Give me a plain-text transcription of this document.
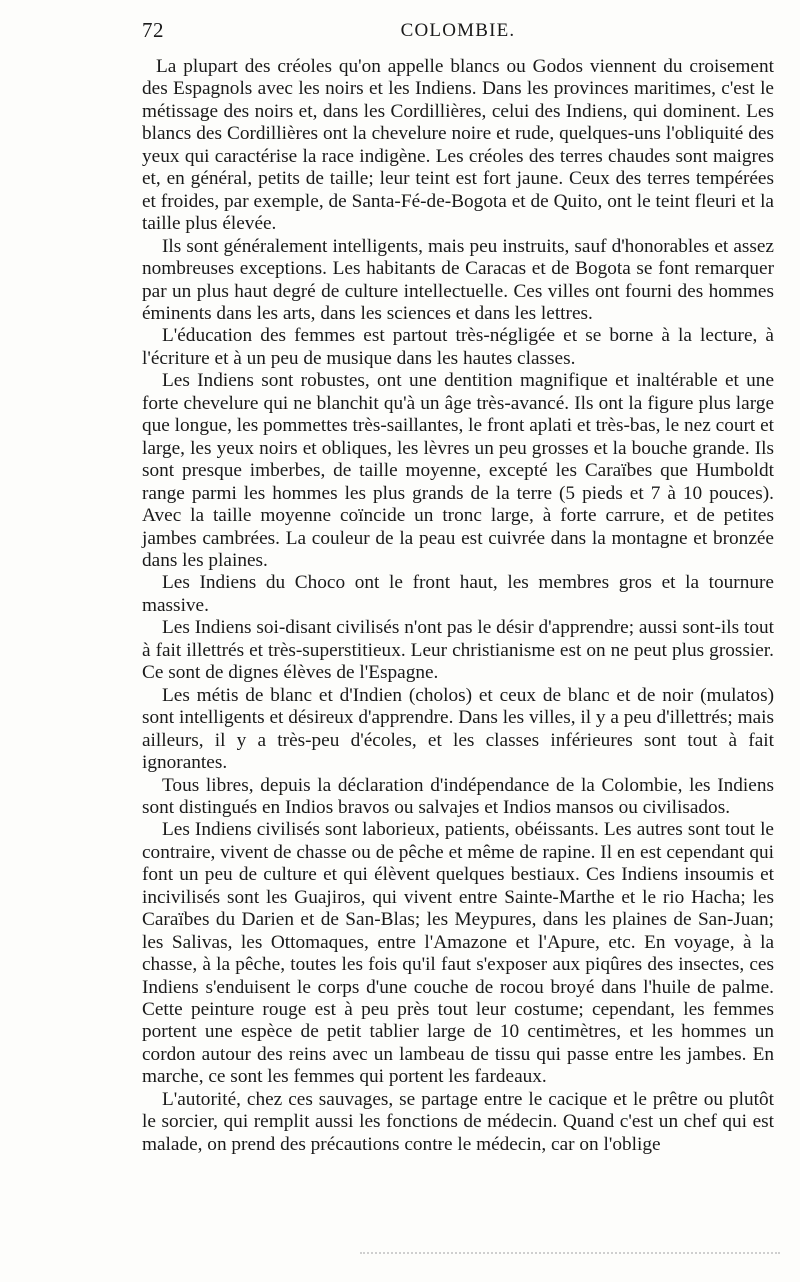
72	COLOMBIE.

La plupart des créoles qu'on appelle blancs ou Godos viennent du croisement des Espagnols avec les noirs et les Indiens. Dans les provinces maritimes, c'est le métissage des noirs et, dans les Cordillières, celui des Indiens, qui dominent. Les blancs des Cordillières ont la chevelure noire et rude, quelques-uns l'obliquité des yeux qui caractérise la race indigène. Les créoles des terres chaudes sont maigres et, en général, petits de taille; leur teint est fort jaune. Ceux des terres tempérées et froides, par exemple, de Santa-Fé-de-Bogota et de Quito, ont le teint fleuri et la taille plus élevée.

Ils sont généralement intelligents, mais peu instruits, sauf d'honorables et assez nombreuses exceptions. Les habitants de Caracas et de Bogota se font remarquer par un plus haut degré de culture intellectuelle. Ces villes ont fourni des hommes éminents dans les arts, dans les sciences et dans les lettres.

L'éducation des femmes est partout très-négligée et se borne à la lecture, à l'écriture et à un peu de musique dans les hautes classes.

Les Indiens sont robustes, ont une dentition magnifique et inaltérable et une forte chevelure qui ne blanchit qu'à un âge très-avancé. Ils ont la figure plus large que longue, les pommettes très-saillantes, le front aplati et très-bas, le nez court et large, les yeux noirs et obliques, les lèvres un peu grosses et la bouche grande. Ils sont presque imberbes, de taille moyenne, excepté les Caraïbes que Humboldt range parmi les hommes les plus grands de la terre (5 pieds et 7 à 10 pouces). Avec la taille moyenne coïncide un tronc large, à forte carrure, et de petites jambes cambrées. La couleur de la peau est cuivrée dans la montagne et bronzée dans les plaines.

Les Indiens du Choco ont le front haut, les membres gros et la tournure massive.

Les Indiens soi-disant civilisés n'ont pas le désir d'apprendre; aussi sont-ils tout à fait illettrés et très-superstitieux. Leur christianisme est on ne peut plus grossier. Ce sont de dignes élèves de l'Espagne.

Les métis de blanc et d'Indien (cholos) et ceux de blanc et de noir (mulatos) sont intelligents et désireux d'apprendre. Dans les villes, il y a peu d'illettrés; mais ailleurs, il y a très-peu d'écoles, et les classes inférieures sont tout à fait ignorantes.

Tous libres, depuis la déclaration d'indépendance de la Colombie, les Indiens sont distingués en Indios bravos ou salvajes et Indios mansos ou civilisados.

Les Indiens civilisés sont laborieux, patients, obéissants. Les autres sont tout le contraire, vivent de chasse ou de pêche et même de rapine. Il en est cependant qui font un peu de culture et qui élèvent quelques bestiaux. Ces Indiens insoumis et incivilisés sont les Guajiros, qui vivent entre Sainte-Marthe et le rio Hacha; les Caraïbes du Darien et de San-Blas; les Meypures, dans les plaines de San-Juan; les Salivas, les Ottomaques, entre l'Amazone et l'Apure, etc. En voyage, à la chasse, à la pêche, toutes les fois qu'il faut s'exposer aux piqûres des insectes, ces Indiens s'enduisent le corps d'une couche de rocou broyé dans l'huile de palme. Cette peinture rouge est à peu près tout leur costume; cependant, les femmes portent une espèce de petit tablier large de 10 centimètres, et les hommes un cordon autour des reins avec un lambeau de tissu qui passe entre les jambes. En marche, ce sont les femmes qui portent les fardeaux.

L'autorité, chez ces sauvages, se partage entre le cacique et le prêtre ou plutôt le sorcier, qui remplit aussi les fonctions de médecin. Quand c'est un chef qui est malade, on prend des précautions contre le médecin, car on l'oblige
